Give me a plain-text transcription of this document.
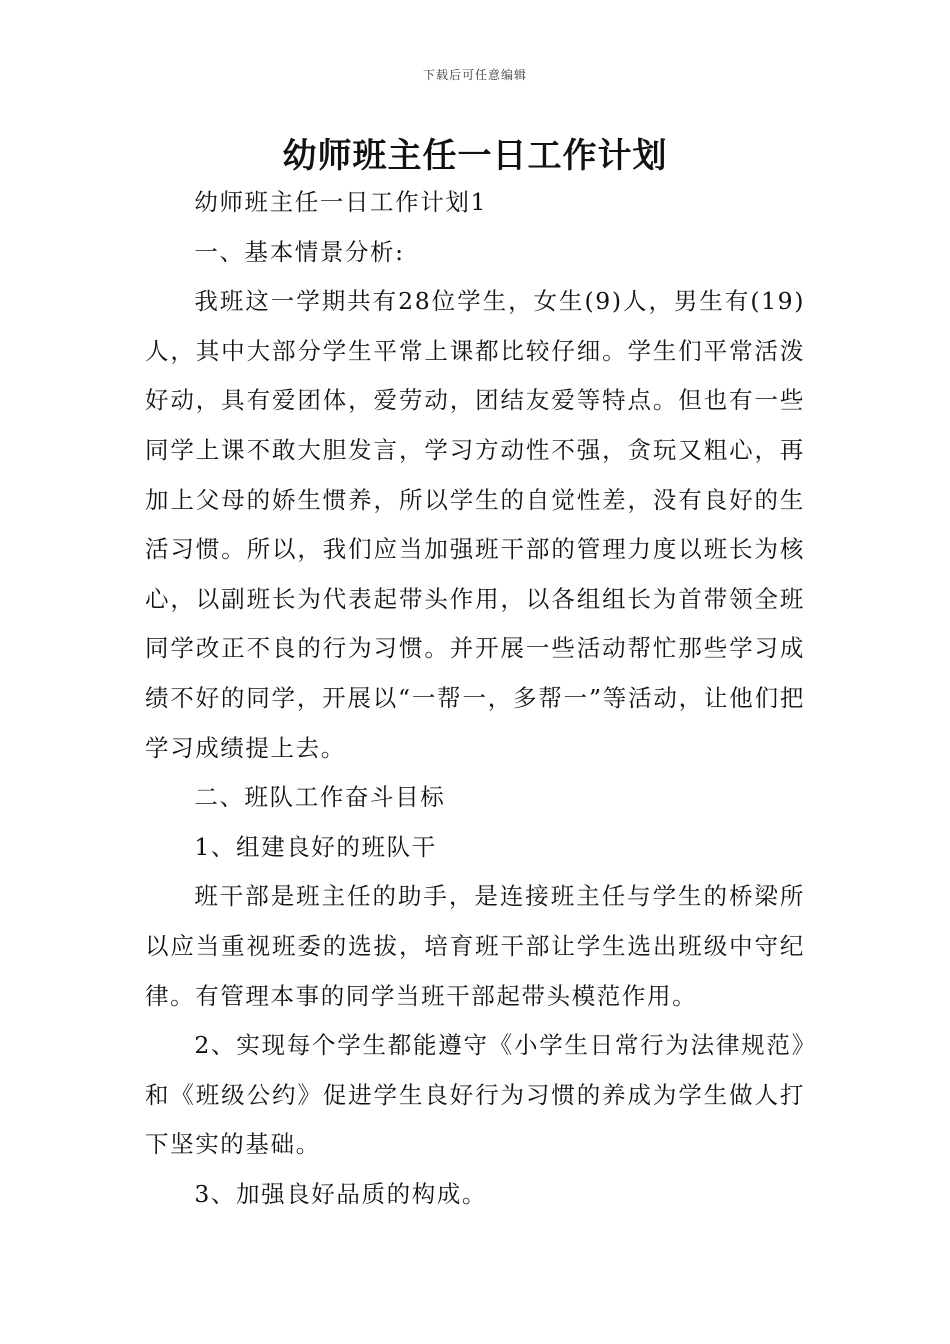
下载后可任意编辑
幼师班主任一日工作计划

幼师班主任一日工作计划1

一、基本情景分析:

我班这一学期共有28位学生，女生(9)人，男生有(19)人，其中大部分学生平常上课都比较仔细。学生们平常活泼好动，具有爱团体，爱劳动，团结友爱等特点。但也有一些同学上课不敢大胆发言，学习方动性不强，贪玩又粗心，再加上父母的娇生惯养，所以学生的自觉性差，没有良好的生活习惯。所以，我们应当加强班干部的管理力度以班长为核心，以副班长为代表起带头作用，以各组组长为首带领全班同学改正不良的行为习惯。并开展一些活动帮忙那些学习成绩不好的同学，开展以“一帮一，多帮一”等活动，让他们把学习成绩提上去。

二、班队工作奋斗目标

1、组建良好的班队干

班干部是班主任的助手，是连接班主任与学生的桥梁所以应当重视班委的选拔，培育班干部让学生选出班级中守纪律。有管理本事的同学当班干部起带头模范作用。

2、实现每个学生都能遵守《小学生日常行为法律规范》和《班级公约》促进学生良好行为习惯的养成为学生做人打下坚实的基础。

3、加强良好品质的构成。
